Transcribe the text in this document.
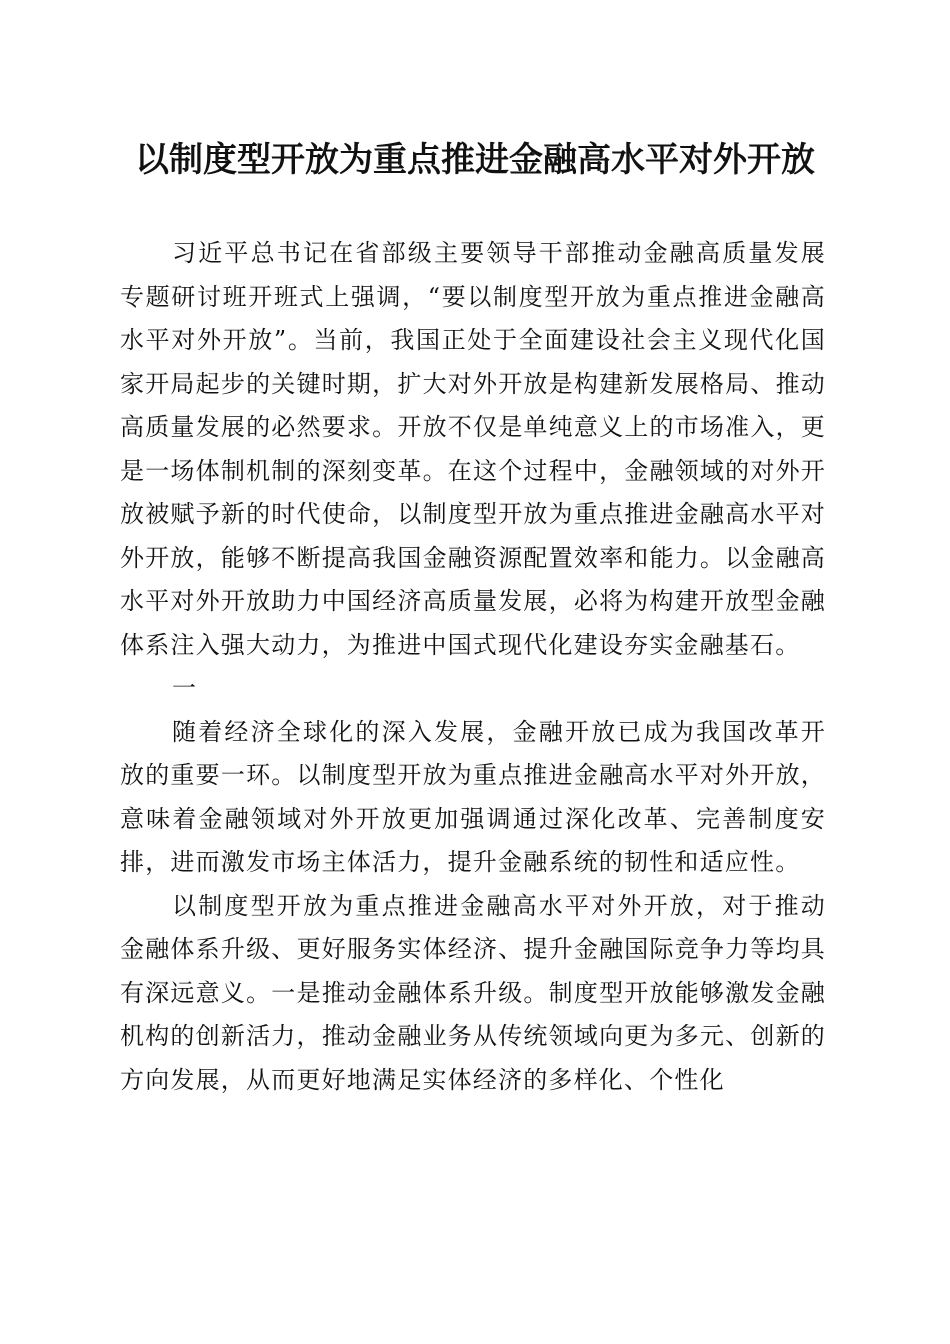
以制度型开放为重点推进金融高水平对外开放

习近平总书记在省部级主要领导干部推动金融高质量发展专题研讨班开班式上强调，“要以制度型开放为重点推进金融高水平对外开放”。当前，我国正处于全面建设社会主义现代化国家开局起步的关键时期，扩大对外开放是构建新发展格局、推动高质量发展的必然要求。开放不仅是单纯意义上的市场准入，更是一场体制机制的深刻变革。在这个过程中，金融领域的对外开放被赋予新的时代使命，以制度型开放为重点推进金融高水平对外开放，能够不断提高我国金融资源配置效率和能力。以金融高水平对外开放助力中国经济高质量发展，必将为构建开放型金融体系注入强大动力，为推进中国式现代化建设夯实金融基石。

一

随着经济全球化的深入发展，金融开放已成为我国改革开放的重要一环。以制度型开放为重点推进金融高水平对外开放，意味着金融领域对外开放更加强调通过深化改革、完善制度安排，进而激发市场主体活力，提升金融系统的韧性和适应性。

以制度型开放为重点推进金融高水平对外开放，对于推动金融体系升级、更好服务实体经济、提升金融国际竞争力等均具有深远意义。一是推动金融体系升级。制度型开放能够激发金融机构的创新活力，推动金融业务从传统领域向更为多元、创新的方向发展，从而更好地满足实体经济的多样化、个性化
